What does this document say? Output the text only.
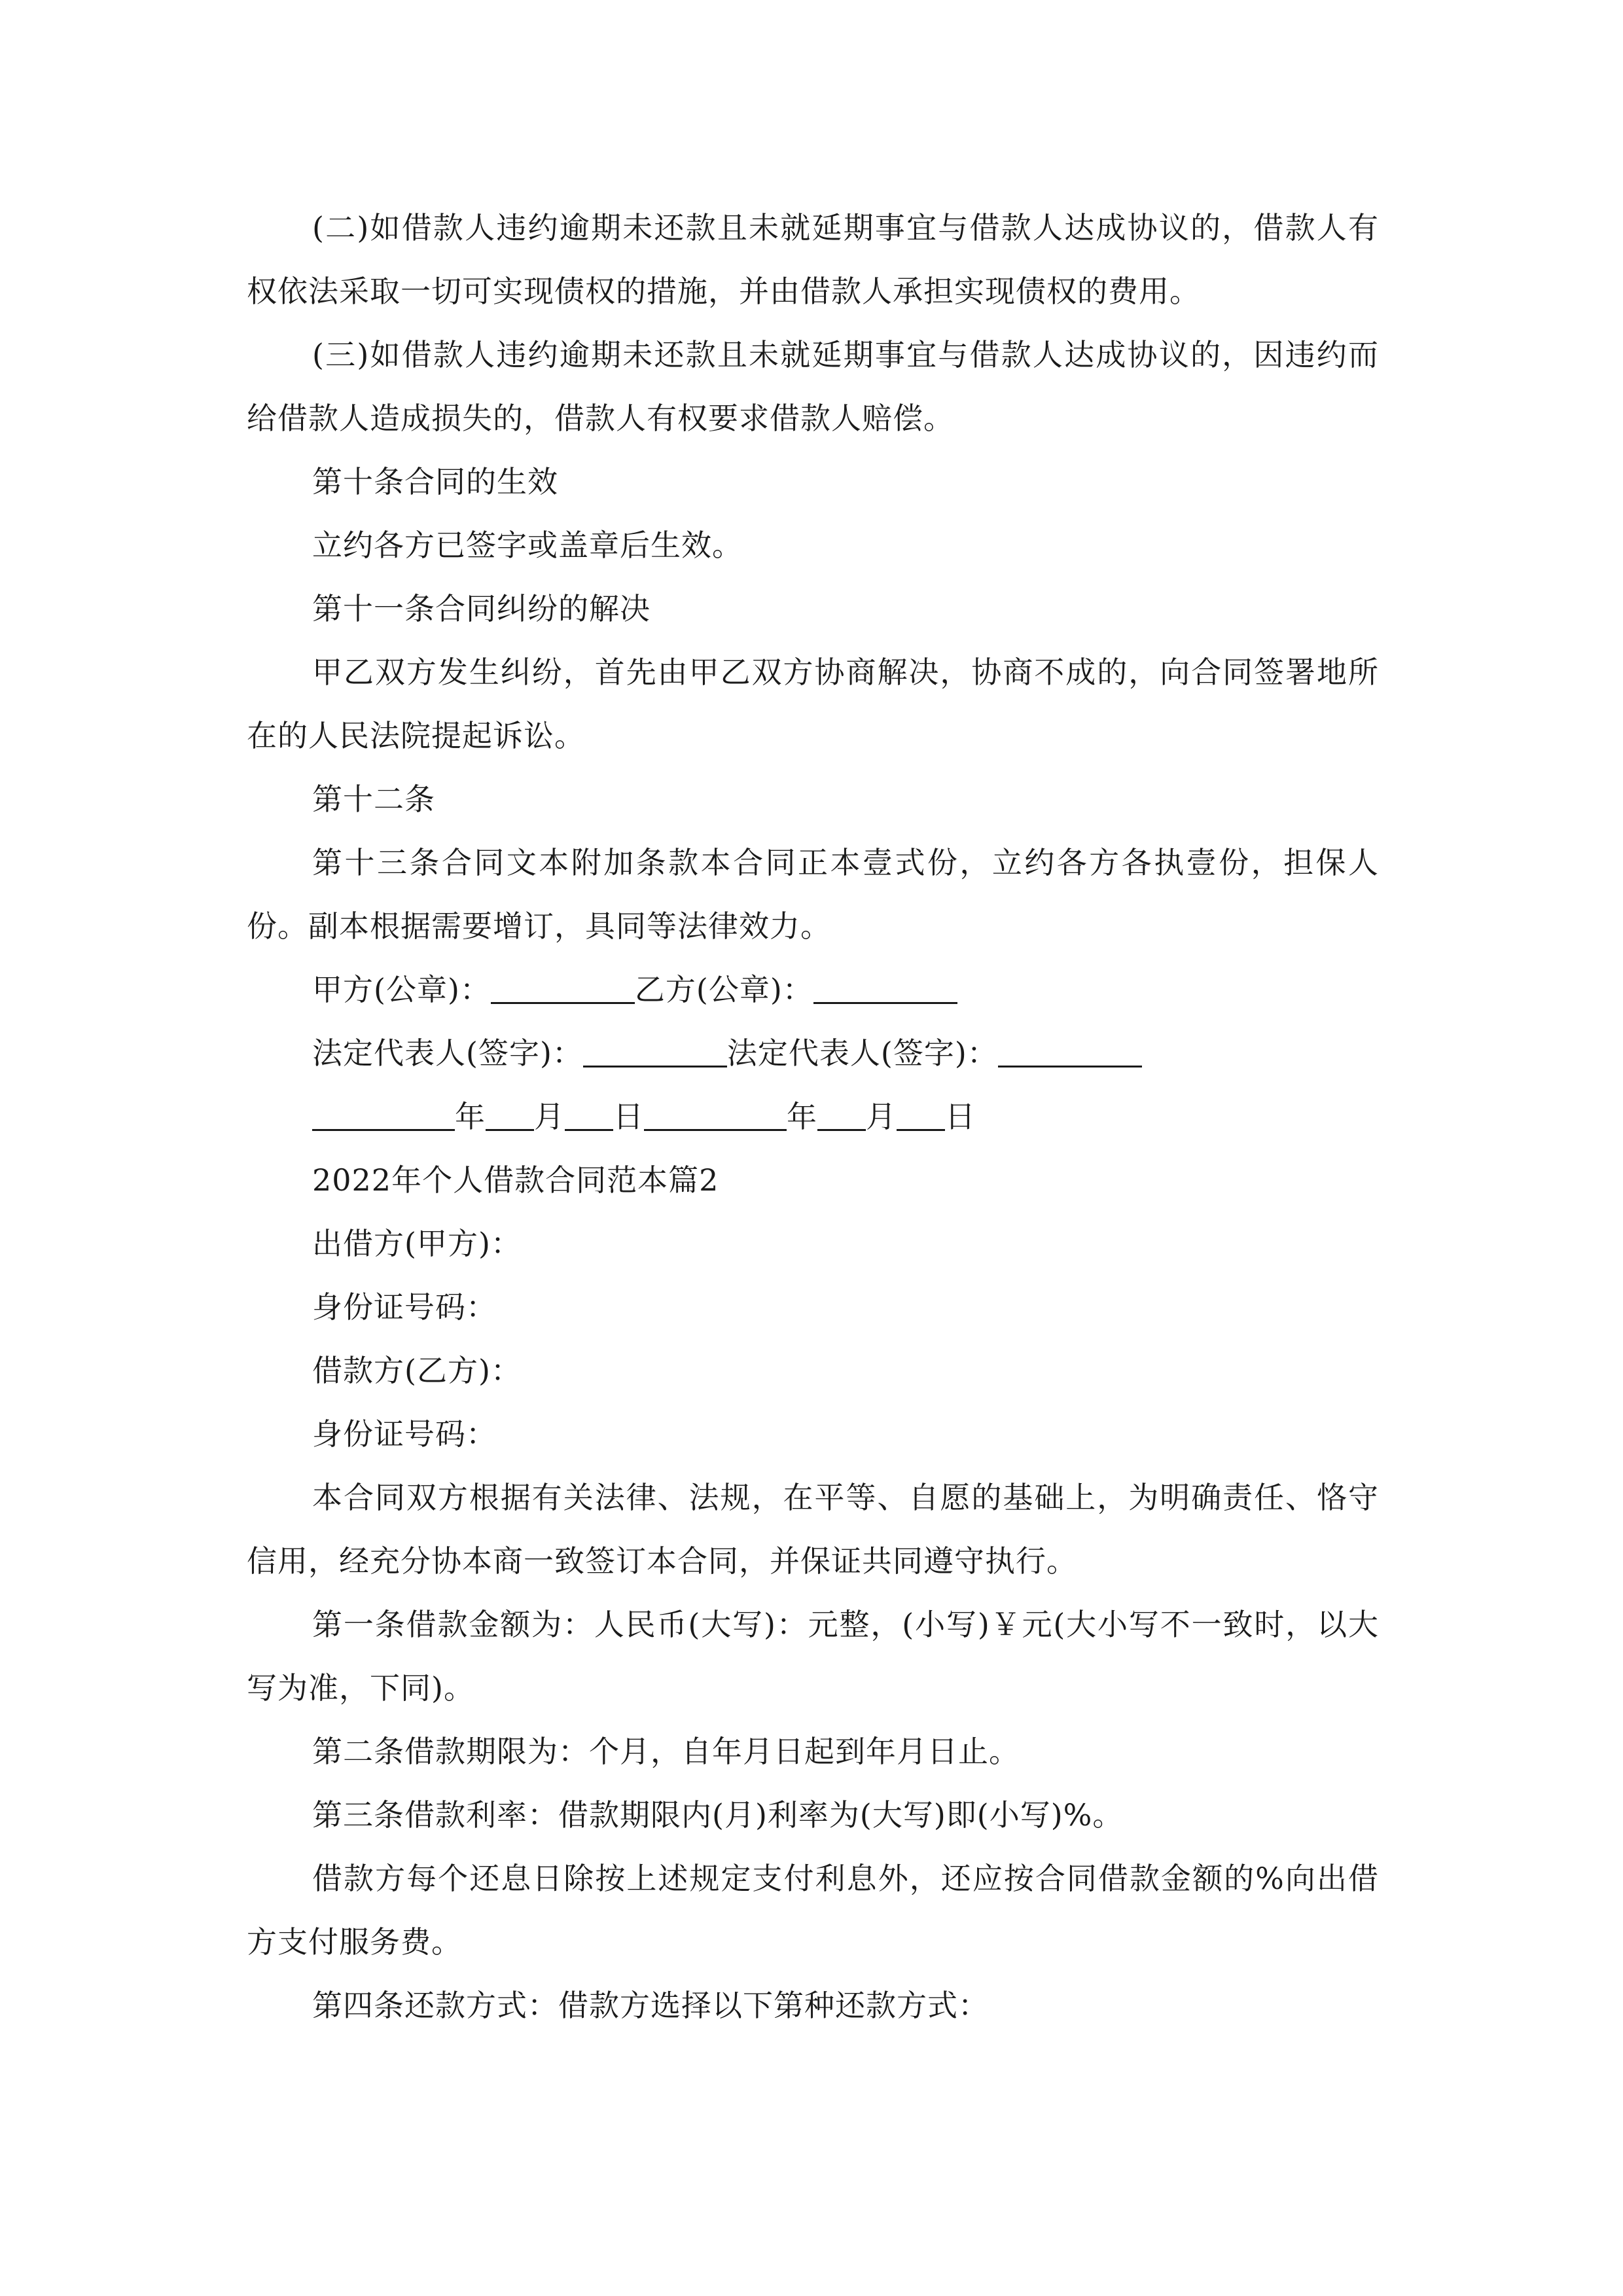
(二)如借款人违约逾期未还款且未就延期事宜与借款人达成协议的，借款人有权依法采取一切可实现债权的措施，并由借款人承担实现债权的费用。

(三)如借款人违约逾期未还款且未就延期事宜与借款人达成协议的，因违约而给借款人造成损失的，借款人有权要求借款人赔偿。

第十条合同的生效

立约各方已签字或盖章后生效。

第十一条合同纠纷的解决

甲乙双方发生纠纷，首先由甲乙双方协商解决，协商不成的，向合同签署地所在的人民法院提起诉讼。

第十二条

第十三条合同文本附加条款本合同正本壹式份，立约各方各执壹份，担保人份。副本根据需要增订，具同等法律效力。

甲方(公章)：	乙方(公章)：

法定代表人(签字)：	法定代表人(签字)：

年 月 日	年 月 日

2022年个人借款合同范本篇2

出借方(甲方)：

身份证号码：

借款方(乙方)：

身份证号码：

本合同双方根据有关法律、法规，在平等、自愿的基础上，为明确责任、恪守信用，经充分协本商一致签订本合同，并保证共同遵守执行。

第一条借款金额为：人民币(大写)：元整，(小写)￥元(大小写不一致时，以大写为准，下同)。

第二条借款期限为：个月，自年月日起到年月日止。

第三条借款利率：借款期限内(月)利率为(大写)即(小写)%。

借款方每个还息日除按上述规定支付利息外，还应按合同借款金额的%向出借方支付服务费。

第四条还款方式：借款方选择以下第种还款方式：
